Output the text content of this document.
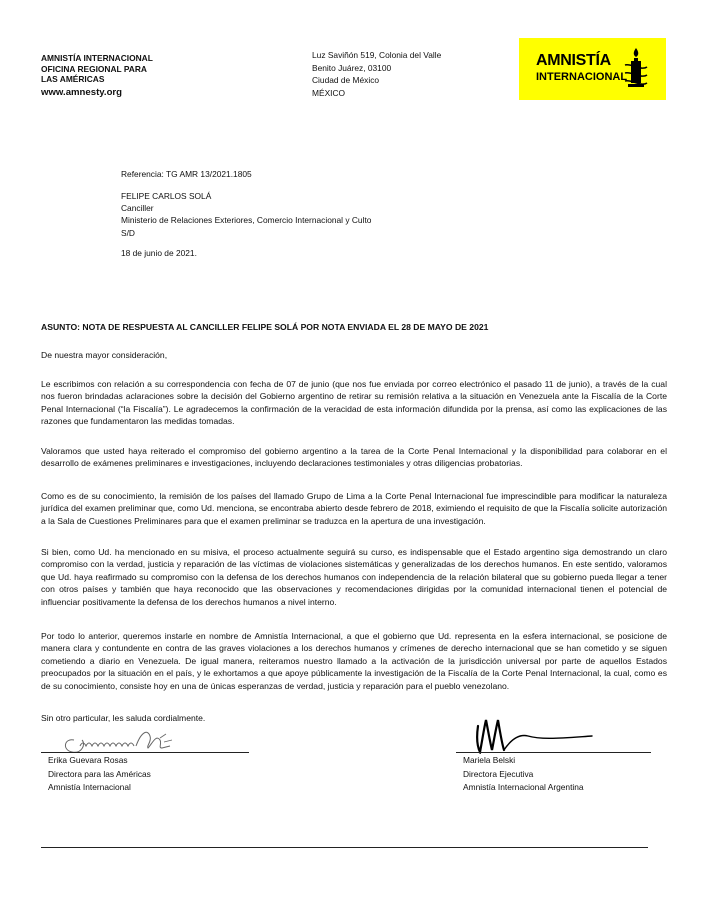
AMNISTÍA INTERNACIONAL
OFICINA REGIONAL PARA
LAS AMÉRICAS
www.amnesty.org
Luz Saviñón 519, Colonia del Valle
Benito Juárez, 03100
Ciudad de México
MÉXICO
AMNISTÍA
INTERNACIONAL
Referencia: TG AMR 13/2021.1805
FELIPE CARLOS SOLÁ
Canciller
Ministerio de Relaciones Exteriores, Comercio Internacional y Culto
S/D
18 de junio de 2021.
ASUNTO: NOTA DE RESPUESTA AL CANCILLER FELIPE SOLÁ POR NOTA ENVIADA EL 28 DE MAYO DE 2021
De nuestra mayor consideración,
Le escribimos con relación a su correspondencia con fecha de 07 de junio (que nos fue enviada por correo electrónico el pasado 11 de junio), a través de la cual nos fueron brindadas aclaraciones sobre la decisión del Gobierno argentino de retirar su remisión relativa a la situación en Venezuela ante la Fiscalía de la Corte Penal Internacional (“la Fiscalía”). Le agradecemos la confirmación de la veracidad de esta información difundida por la prensa, así como las explicaciones de las razones que fundamentaron las medidas tomadas.
Valoramos que usted haya reiterado el compromiso del gobierno argentino a la tarea de la Corte Penal Internacional y la disponibilidad para colaborar en el desarrollo de exámenes preliminares e investigaciones, incluyendo declaraciones testimoniales y otras diligencias probatorias.
Como es de su conocimiento, la remisión de los países del llamado Grupo de Lima a la Corte Penal Internacional fue imprescindible para modificar la naturaleza jurídica del examen preliminar que, como Ud. menciona, se encontraba abierto desde febrero de 2018, eximiendo el requisito de que la Fiscalía solicite autorización a la Sala de Cuestiones Preliminares para que el examen preliminar se traduzca en la apertura de una investigación.
Si bien, como Ud. ha mencionado en su misiva, el proceso actualmente seguirá su curso, es indispensable que el Estado argentino siga demostrando un claro compromiso con la verdad, justicia y reparación de las víctimas de violaciones sistemáticas y generalizadas de los derechos humanos. En este sentido, valoramos que Ud. haya reafirmado su compromiso con la defensa de los derechos humanos con independencia de la relación bilateral que su gobierno pueda llegar a tener con otros países y también que haya reconocido que las observaciones y recomendaciones dirigidas por la comunidad internacional tienen el potencial de influenciar positivamente la defensa de los derechos humanos a nivel interno.
Por todo lo anterior, queremos instarle en nombre de Amnistía Internacional, a que el gobierno que Ud. representa en la esfera internacional, se posicione de manera clara y contundente en contra de las graves violaciones a los derechos humanos y crímenes de derecho internacional que se han cometido y se siguen cometiendo a diario en Venezuela. De igual manera, reiteramos nuestro llamado a la activación de la jurisdicción universal por parte de aquellos Estados preocupados por la situación en el país, y le exhortamos a que apoye públicamente la investigación de la Fiscalía de la Corte Penal Internacional, la cual, como es de su conocimiento, consiste hoy en una de únicas esperanzas de verdad, justicia y reparación para el pueblo venezolano.
Sin otro particular, les saluda cordialmente.
Erika Guevara Rosas
Directora para las Américas
Amnistía Internacional
Mariela Belski
Directora Ejecutiva
Amnistía Internacional Argentina
